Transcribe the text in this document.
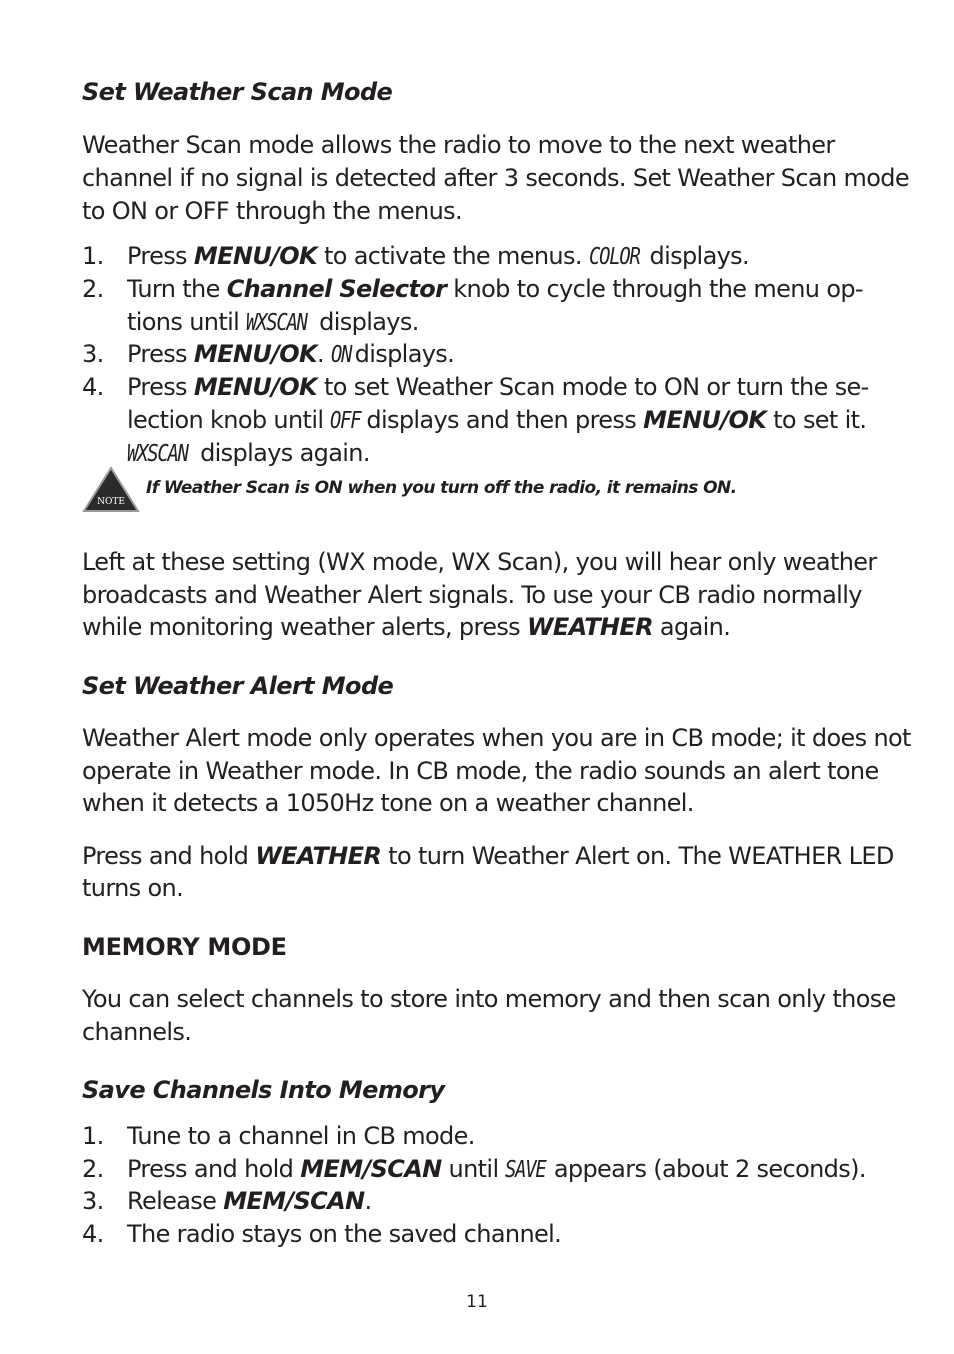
Set Weather Scan Mode
Weather Scan mode allows the radio to move to the next weather
channel if no signal is detected after 3 seconds. Set Weather Scan mode
to ON or OFF through the menus.
1. Press MENU/OK to activate the menus. COLOR displays.
2. Turn the Channel Selector knob to cycle through the menu op-
tions until WXSCAN displays.
3. Press MENU/OK. ON displays.
4. Press MENU/OK to set Weather Scan mode to ON or turn the se-
lection knob until OFF displays and then press MENU/OK to set it.
WXSCAN displays again.
NOTE
If Weather Scan is ON when you turn off the radio, it remains ON.
Left at these setting (WX mode, WX Scan), you will hear only weather
broadcasts and Weather Alert signals. To use your CB radio normally
while monitoring weather alerts, press WEATHER again.
Set Weather Alert Mode
Weather Alert mode only operates when you are in CB mode; it does not
operate in Weather mode. In CB mode, the radio sounds an alert tone
when it detects a 1050Hz tone on a weather channel.
Press and hold WEATHER to turn Weather Alert on. The WEATHER LED
turns on.
MEMORY MODE
You can select channels to store into memory and then scan only those
channels.
Save Channels Into Memory
1. Tune to a channel in CB mode.
2. Press and hold MEM/SCAN until SAVE appears (about 2 seconds).
3. Release MEM/SCAN.
4. The radio stays on the saved channel.
11
